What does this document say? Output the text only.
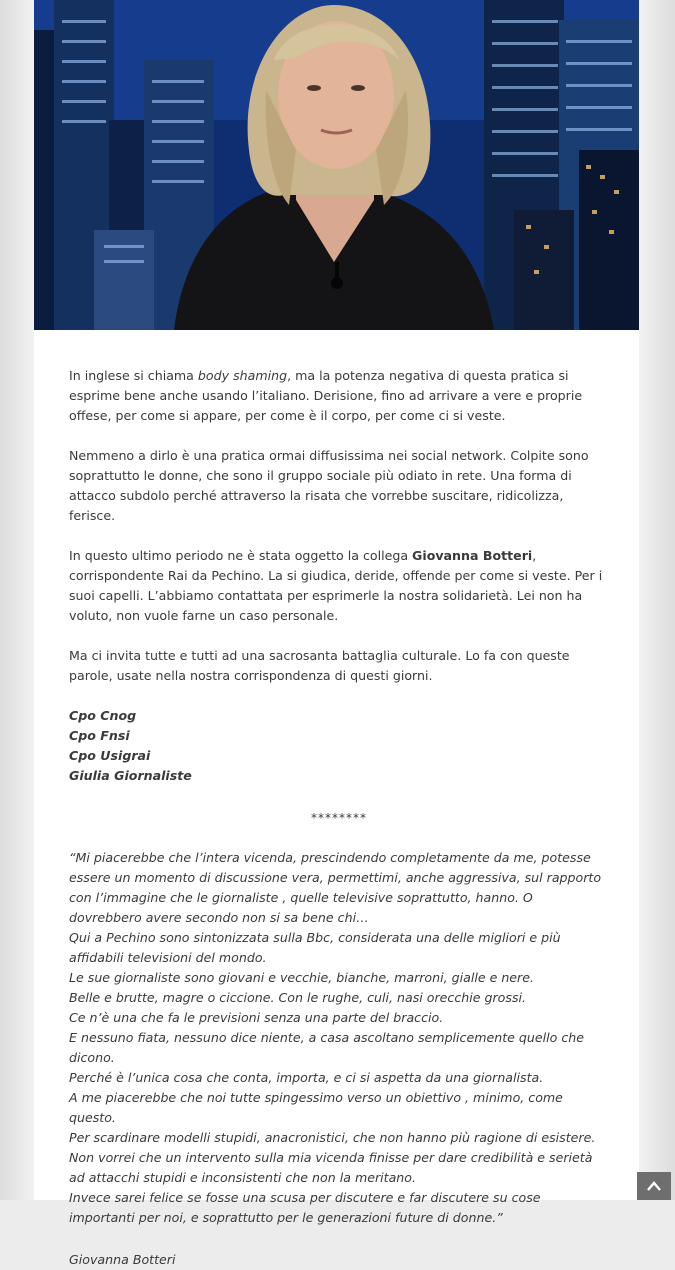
In inglese si chiama body shaming, ma la potenza negativa di questa pratica si esprime bene anche usando l’italiano. Derisione, fino ad arrivare a vere e proprie offese, per come si appare, per come è il corpo, per come ci si veste.

Nemmeno a dirlo è una pratica ormai diffusissima nei social network. Colpite sono soprattutto le donne, che sono il gruppo sociale più odiato in rete. Una forma di attacco subdolo perché attraverso la risata che vorrebbe suscitare, ridicolizza, ferisce.

In questo ultimo periodo ne è stata oggetto la collega Giovanna Botteri, corrispondente Rai da Pechino. La si giudica, deride, offende per come si veste. Per i suoi capelli. L’abbiamo contattata per esprimerle la nostra solidarietà. Lei non ha voluto, non vuole farne un caso personale.

Ma ci invita tutte e tutti ad una sacrosanta battaglia culturale. Lo fa con queste parole, usate nella nostra corrispondenza di questi giorni.

Cpo Cnog
Cpo Fnsi
Cpo Usigrai
Giulia Giornaliste
********
“Mi piacerebbe che l’intera vicenda, prescindendo completamente da me, potesse essere un momento di discussione vera, permettimi, anche aggressiva, sul rapporto con l’immagine che le giornaliste , quelle televisive soprattutto, hanno. O dovrebbero avere secondo non si sa bene chi…
Qui a Pechino sono sintonizzata sulla Bbc, considerata una delle migliori e più affidabili televisioni del mondo.
Le sue giornaliste sono giovani e vecchie, bianche, marroni, gialle e nere.
Belle e brutte, magre o ciccione. Con le rughe, culi, nasi orecchie grossi.
Ce n’è una che fa le previsioni senza una parte del braccio.
E nessuno fiata, nessuno dice niente, a casa ascoltano semplicemente quello che dicono.
Perché è l’unica cosa che conta, importa, e ci si aspetta da una giornalista.
A me piacerebbe che noi tutte spingessimo verso un obiettivo , minimo, come questo.
Per scardinare modelli stupidi, anacronistici, che non hanno più ragione di esistere.
Non vorrei che un intervento sulla mia vicenda finisse per dare credibilità e serietà ad attacchi stupidi e inconsistenti che non la meritano.
Invece sarei felice se fosse una scusa per discutere e far discutere su cose importanti per noi, e soprattutto per le generazioni future di donne.”
Giovanna Botteri
